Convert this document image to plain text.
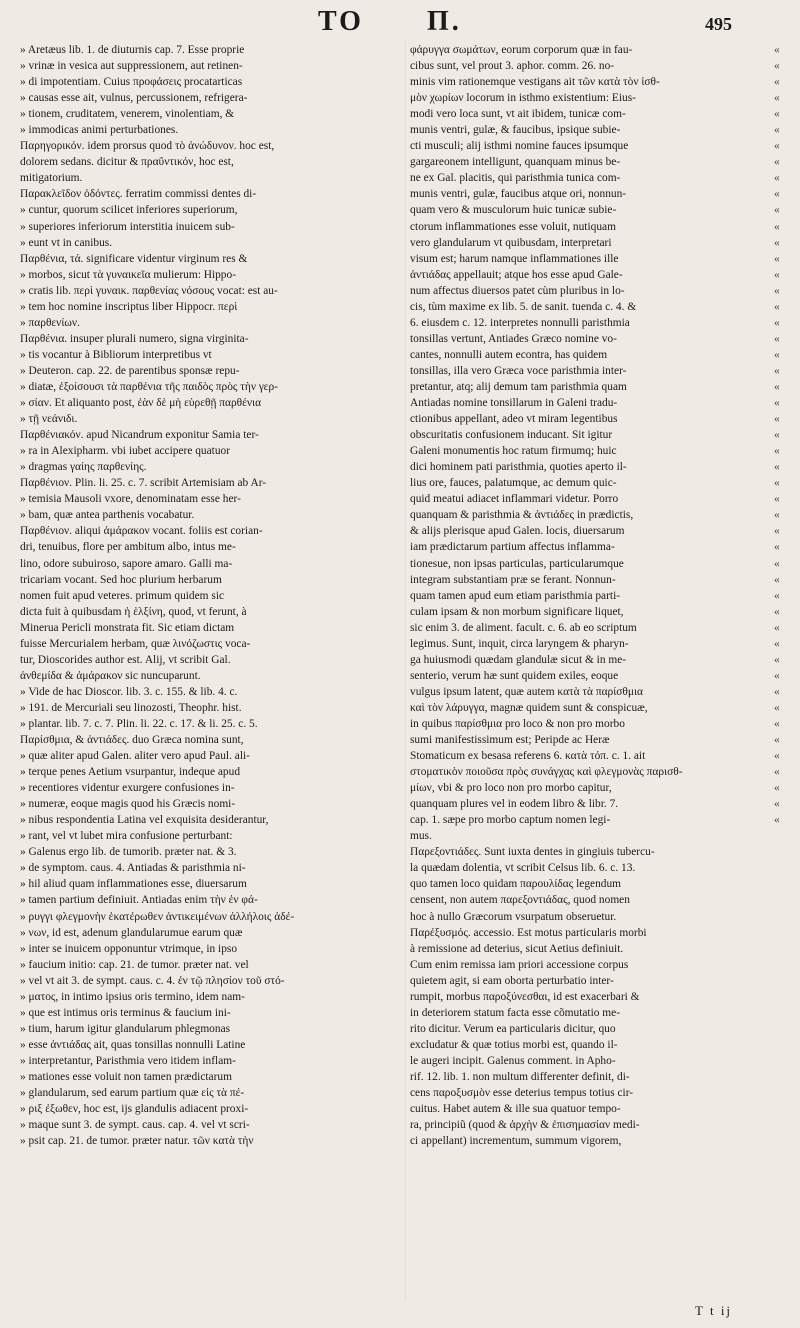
TO Π.	495
» Aretæus lib. 1. de diuturnis cap. 7. Esse proprie
» vrinæ in vesica aut suppressionem, aut retinen-
» di impotentiam. Cuius προφάσεις procatarticas
» causas esse ait, vulnus, percussionem, refrigera-
» tionem, cruditatem, venerem, vinolentiam, &
» immodicas animi perturbationes.
Παρηγορικόν. idem prorsus quod τὸ ἀνώδυνον. hoc est,
dolorem sedans. dicitur & πραΰντικόν, hoc est,
mitigatorium.
Παρακλεῖδον ὀδόντες. ferratim commissi dentes di-
» cuntur, quorum scilicet inferiores superiorum,
» superiores inferiorum interstitia inuicem sub-
» eunt vt in canibus.
Παρθένια, τά. significare videntur virginum res &
» morbos, sicut τὰ γυναικεῖα mulierum: Hippo-
» cratis lib. περὶ γυναικ. παρθενίας νόσους vocat: est au-
» tem hoc nomine inscriptus liber Hippocr. περὶ
» παρθενίων.
Παρθένια. insuper plurali numero, signa virginita-
» tis vocantur à Bibliorum interpretibus vt
» Deuteron. cap. 22. de parentibus sponsæ repu-
» diatæ, ἐξοίσουσι τὰ παρθένια τῆς παιδὸς πρὸς τὴν γερ-
» σίαν. Et aliquanto post, ἐὰν δὲ μὴ εὑρεθῇ παρθένια
» τῇ νεάνιδι.
Παρθένιακόν. apud Nicandrum exponitur Samia ter-
» ra in Alexipharm. vbi iubet accipere quatuor
» dragmas γαίης παρθενίης.
Παρθένιον. Plin. li. 25. c. 7. scribit Artemisiam ab Ar-
» temisia Mausoli vxore, denominatam esse her-
» bam, quæ antea parthenis vocabatur.
Παρθένιον. aliqui ἀμάρακον vocant. foliis est corian-
dri, tenuibus, flore per ambitum albo, intus me-
lino, odore subuiroso, sapore amaro. Galli ma-
tricariam vocant. Sed hoc plurium herbarum
nomen fuit apud veteres. primum quidem sic
dicta fuit à quibusdam ἡ ἑλξίνη, quod, vt ferunt, à
Minerua Pericli monstrata fit. Sic etiam dictam
fuisse Mercurialem herbam, quæ λινόζωστις voca-
tur, Dioscorides author est. Alij, vt scribit Gal.
ἀνθεμίδα & ἀμάρακον sic nuncuparunt.
» Vide de hac Dioscor. lib. 3. c. 155. & lib. 4. c.
» 191. de Mercuriali seu linozosti, Theophr. hist.
» plantar. lib. 7. c. 7. Plin. li. 22. c. 17. & li. 25. c. 5.
Παρίσθμια, & ἀντιάδες. duo Græca nomina sunt,
» quæ aliter apud Galen. aliter vero apud Paul. ali-
» terque penes Aetium vsurpantur, indeque apud
» recentiores videntur exurgere confusiones in-
» numeræ, eoque magis quod his Græcis nomi-
» nibus respondentia Latina vel exquisita desiderantur,
» rant, vel vt lubet mira confusione perturbant:
» Galenus ergo lib. de tumorib. præter nat. & 3.
» de symptom. caus. 4. Antiadas & paristhmia ni-
» hil aliud quam inflammationes esse, diuersarum
» tamen partium definiuit. Antiadas enim τὴν ἐν φά-
» ρυγγι φλεγμονὴν ἑκατέρωθεν ἀντικειμένων ἀλλήλοις ἀδέ-
» νων, id est, adenum glandularumue earum quæ
» inter se inuicem opponuntur vtrimque, in ipso
» faucium initio: cap. 21. de tumor. præter nat. vel
» vel vt ait 3. de sympt. caus. c. 4. ἐν τῷ πλησίον τοῦ στό-
» ματος, in intimo ipsius oris termino, idem nam-
» que est intimus oris terminus & faucium ini-
» tium, harum igitur glandularum phlegmonas
» esse ἀντιάδας ait, quas tonsillas nonnulli Latine
» interpretantur, Paristhmia vero itidem inflam-
» mationes esse voluit non tamen prædictarum
» glandularum, sed earum partium quæ εἰς τὰ πέ-
» ριξ ἐξωθεν, hoc est, ijs glandulis adiacent proxi-
» maque sunt 3. de sympt. caus. cap. 4. vel vt scri-
» psit cap. 21. de tumor. præter natur. τῶν κατὰ τὴν
φάρυγγα σωμάτων, eorum corporum quæ in fau-
cibus sunt, vel prout 3. aphor. comm. 26. no-
minis vim rationemque vestigans ait τῶν κατὰ τὸν ἰσθ-
μὸν χωρίων locorum in isthmo existentium: Eius-
modi vero loca sunt, vt ait ibidem, tunicæ com-
munis ventri, gulæ, & faucibus, ipsique subie-
cti musculi; alij isthmi nomine fauces ipsumque
gargareonem intelligunt, quanquam minus be-
ne ex Gal. placitis, qui paristhmia tunica com-
munis ventri, gulæ, faucibus atque ori, nonnun-
quam vero & musculorum huic tunicæ subie-
ctorum inflammationes esse voluit, nutiquam
vero glandularum vt quibusdam, interpretari
visum est; harum namque inflammationes ille
ἀντιάδας appellauit; atque hos esse apud Gale-
num affectus diuersos patet cùm pluribus in lo-
cis, tùm maxime ex lib. 5. de sanit. tuenda c. 4. &
6. eiusdem c. 12. interpretes nonnulli paristhmia
tonsillas vertunt, Antiades Græco nomine vo-
cantes, nonnulli autem econtra, has quidem
tonsillas, illa vero Græca voce paristhmia inter-
pretantur, atq; alij demum tam paristhmia quam
Antiadas nomine tonsillarum in Galeni tradu-
ctionibus appellant, adeo vt miram legentibus
obscuritatis confusionem inducant. Sit igitur
Galeni monumentis hoc ratum firmumq; huic
dici hominem pati paristhmia, quoties aperto il-
lius ore, fauces, palatumque, ac demum quic-
quid meatui adiacet inflammari videtur. Porro
quanquam & paristhmia & ἀντιάδες in prædictis,
& alijs plerisque apud Galen. locis, diuersarum
iam prædictarum partium affectus inflamma-
tionesue, non ipsas particulas, particularumque
integram substantiam præ se ferant. Nonnun-
quam tamen apud eum etiam paristhmia parti-
culam ipsam & non morbum significare liquet,
sic enim 3. de aliment. facult. c. 6. ab eo scriptum
legimus. Sunt, inquit, circa laryngem & pharyn-
ga huiusmodi quædam glandulæ sicut & in me-
senterio, verum hæ sunt quidem exiles, eoque
vulgus ipsum latent, quæ autem κατὰ τὰ παρίσθμια
καὶ τὸν λάρυγγα, magnæ quidem sunt & conspicuæ,
in quibus παρίσθμια pro loco & non pro morbo
sumi manifestissimum est; Peripde ac Heræ
Stomaticum ex besasa referens 6. κατὰ τόπ. c. 1. ait
στοματικὸν ποιοῦσα πρὸς συνάγχας καὶ φλεγμονὰς παρισθ-
μίων, vbi & pro loco non pro morbo capitur,
quanquam plures vel in eodem libro & libr. 7.
cap. 1. sæpe pro morbo captum nomen legi-
mus.
Παρεξοντιάδες. Sunt iuxta dentes in gingiuis tubercu-
la quædam dolentia, vt scribit Celsus lib. 6. c. 13.
quo tamen loco quidam παρουλίδας legendum
censent, non autem παρεξοντιάδας, quod nomen
hoc à nullo Græcorum vsurpatum obseruetur.
Παρέξυσμός. accessio. Est motus particularis morbi
à remissione ad deterius, sicut Aetius definiuit.
Cum enim remissa iam priori accessione corpus
quietem agit, si eam oborta perturbatio inter-
rumpit, morbus παροξύνεσθαι, id est exacerbari &
in deteriorem statum facta esse cõmutatio me-
rito dicitur. Verum ea particularis dicitur, quo
excludatur & quæ totius morbi est, quando il-
le augeri incipit. Galenus comment. in Apho-
rif. 12. lib. 1. non multum differenter definit, di-
cens παροξυσμὸν esse deterius tempus totius cir-
cuitus. Habet autem & ille sua quatuor tempo-
ra, principiũ (quod & ἀρχὴν & ἐπισημασίαν medi-
ci appellant) incrementum, summum vigorem,
«
«
«
«
«
«
«
«
«
«
«
«
«
«
«
«
«
«
«
«
«
«
«
«
«
«
«
«
«
«
«
«
«
«
«
«
«
«
«
«
«
«
«
«
«
«
«
«
«
T t ij
